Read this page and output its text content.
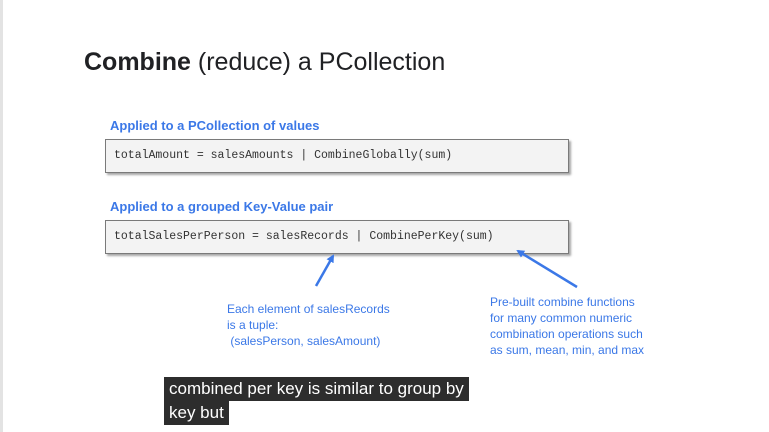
Combine (reduce) a PCollection
Applied to a PCollection of values
totalAmount = salesAmounts | CombineGlobally(sum)
Applied to a grouped Key-Value pair
totalSalesPerPerson = salesRecords | CombinePerKey(sum)
Each element of salesRecords
is a tuple:
(salesPerson, salesAmount)
Pre-built combine functions
for many common numeric
combination operations such
as sum, mean, min, and max
combined per key is similar to group by
key but
